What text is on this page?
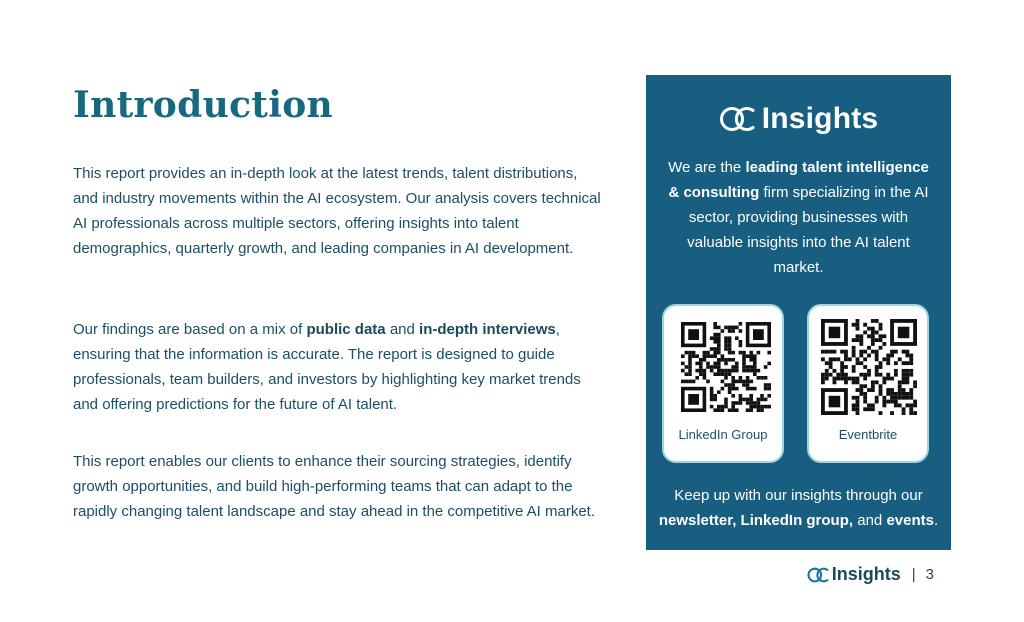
Introduction

This report provides an in-depth look at the latest trends, talent distributions, and industry movements within the AI ecosystem. Our analysis covers technical AI professionals across multiple sectors, offering insights into talent demographics, quarterly growth, and leading companies in AI development.

Our findings are based on a mix of public data and in-depth interviews, ensuring that the information is accurate. The report is designed to guide professionals, team builders, and investors by highlighting key market trends and offering predictions for the future of AI talent.

This report enables our clients to enhance their sourcing strategies, identify growth opportunities, and build high-performing teams that can adapt to the rapidly changing talent landscape and stay ahead in the competitive AI market.

Insights

We are the leading talent intelligence & consulting firm specializing in the AI sector, providing businesses with valuable insights into the AI talent market.

LinkedIn Group	Eventbrite

Keep up with our insights through our newsletter, LinkedIn group, and events.

Insights | 3
